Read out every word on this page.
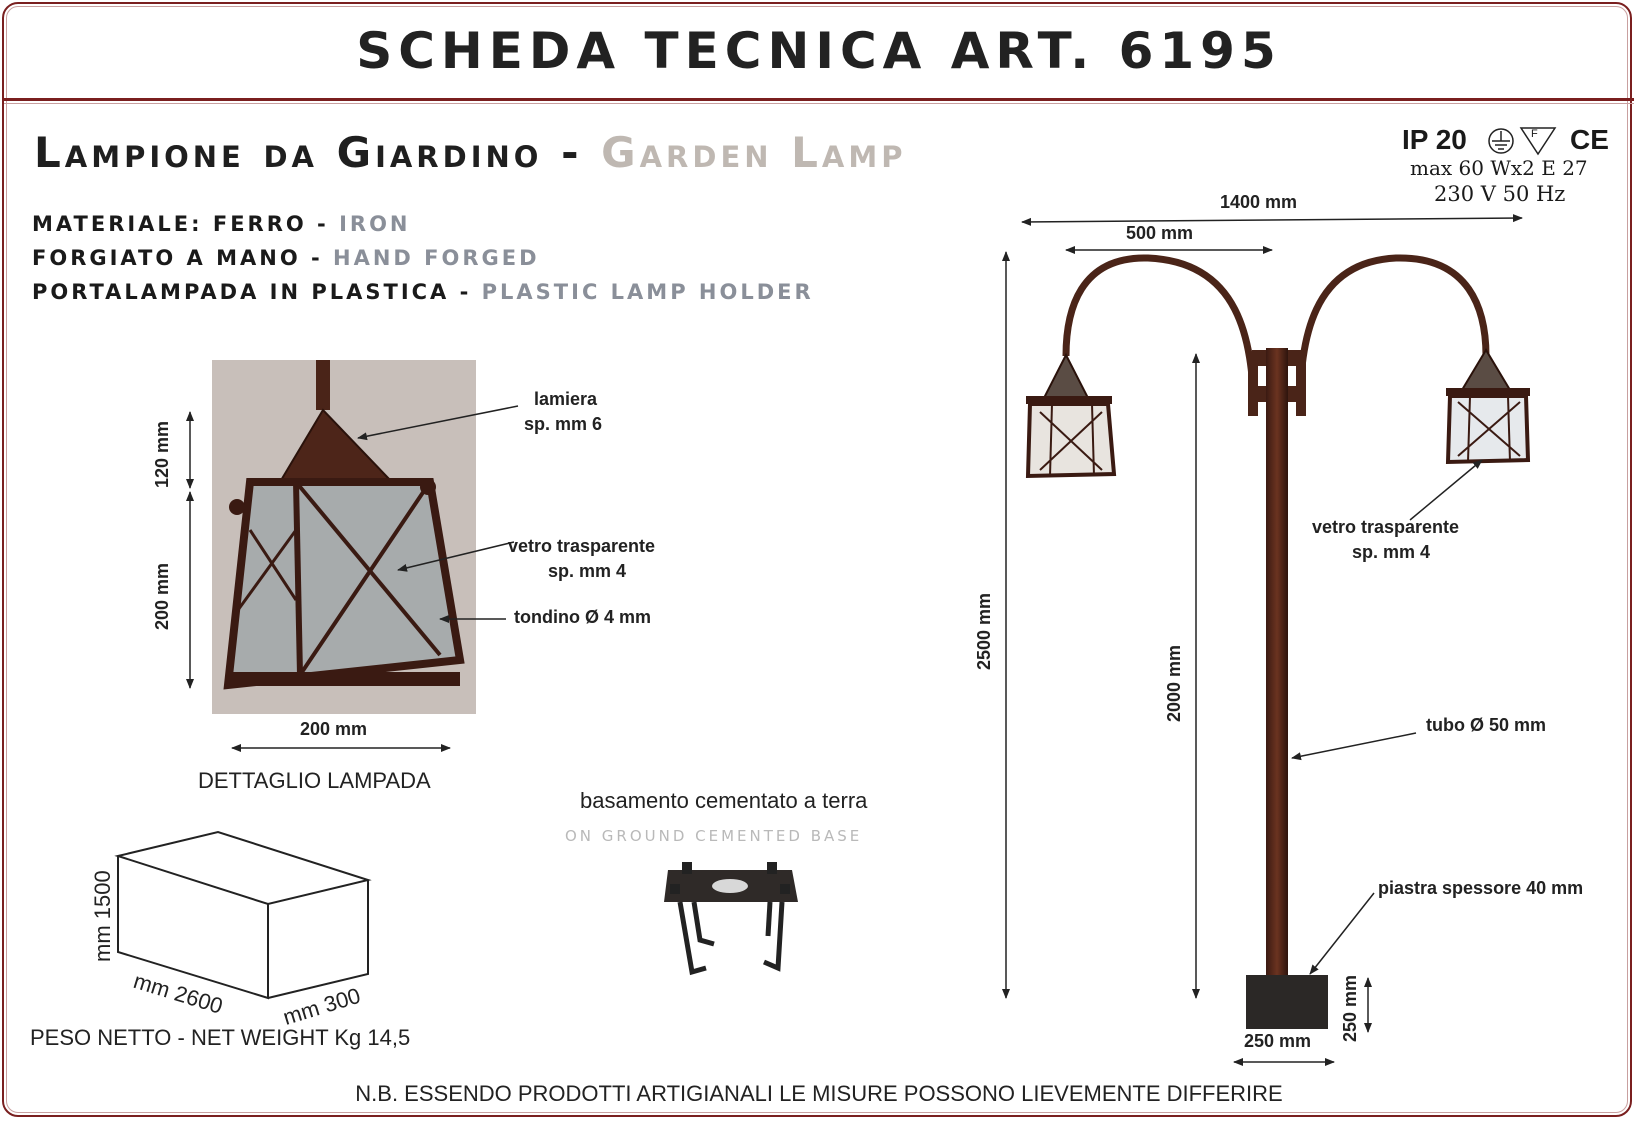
SCHEDA TECNICA ART. 6195
Lampione da Giardino - Garden Lamp
MATERIALE: FERRO - IRON
FORGIATO A MANO - HAND FORGED
PORTALAMPADA IN PLASTICA - PLASTIC LAMP HOLDER
IP 20	CE
max 60 Wx2 E 27
230 V 50 Hz
F
120 mm
200 mm
200 mm
lamiera
sp. mm 6
vetro trasparente
sp. mm 4
tondino Ø 4 mm
DETTAGLIO LAMPADA
mm 1500
mm 2600 mm 300
PESO NETTO - NET WEIGHT Kg 14,5
basamento cementato a terra
ON GROUND CEMENTED BASE
1400 mm
500 mm
2500 mm
2000 mm
vetro trasparente
sp. mm 4
tubo Ø 50 mm
piastra spessore 40 mm
250 mm
250 mm
N.B. ESSENDO PRODOTTI ARTIGIANALI LE MISURE POSSONO LIEVEMENTE DIFFERIRE
